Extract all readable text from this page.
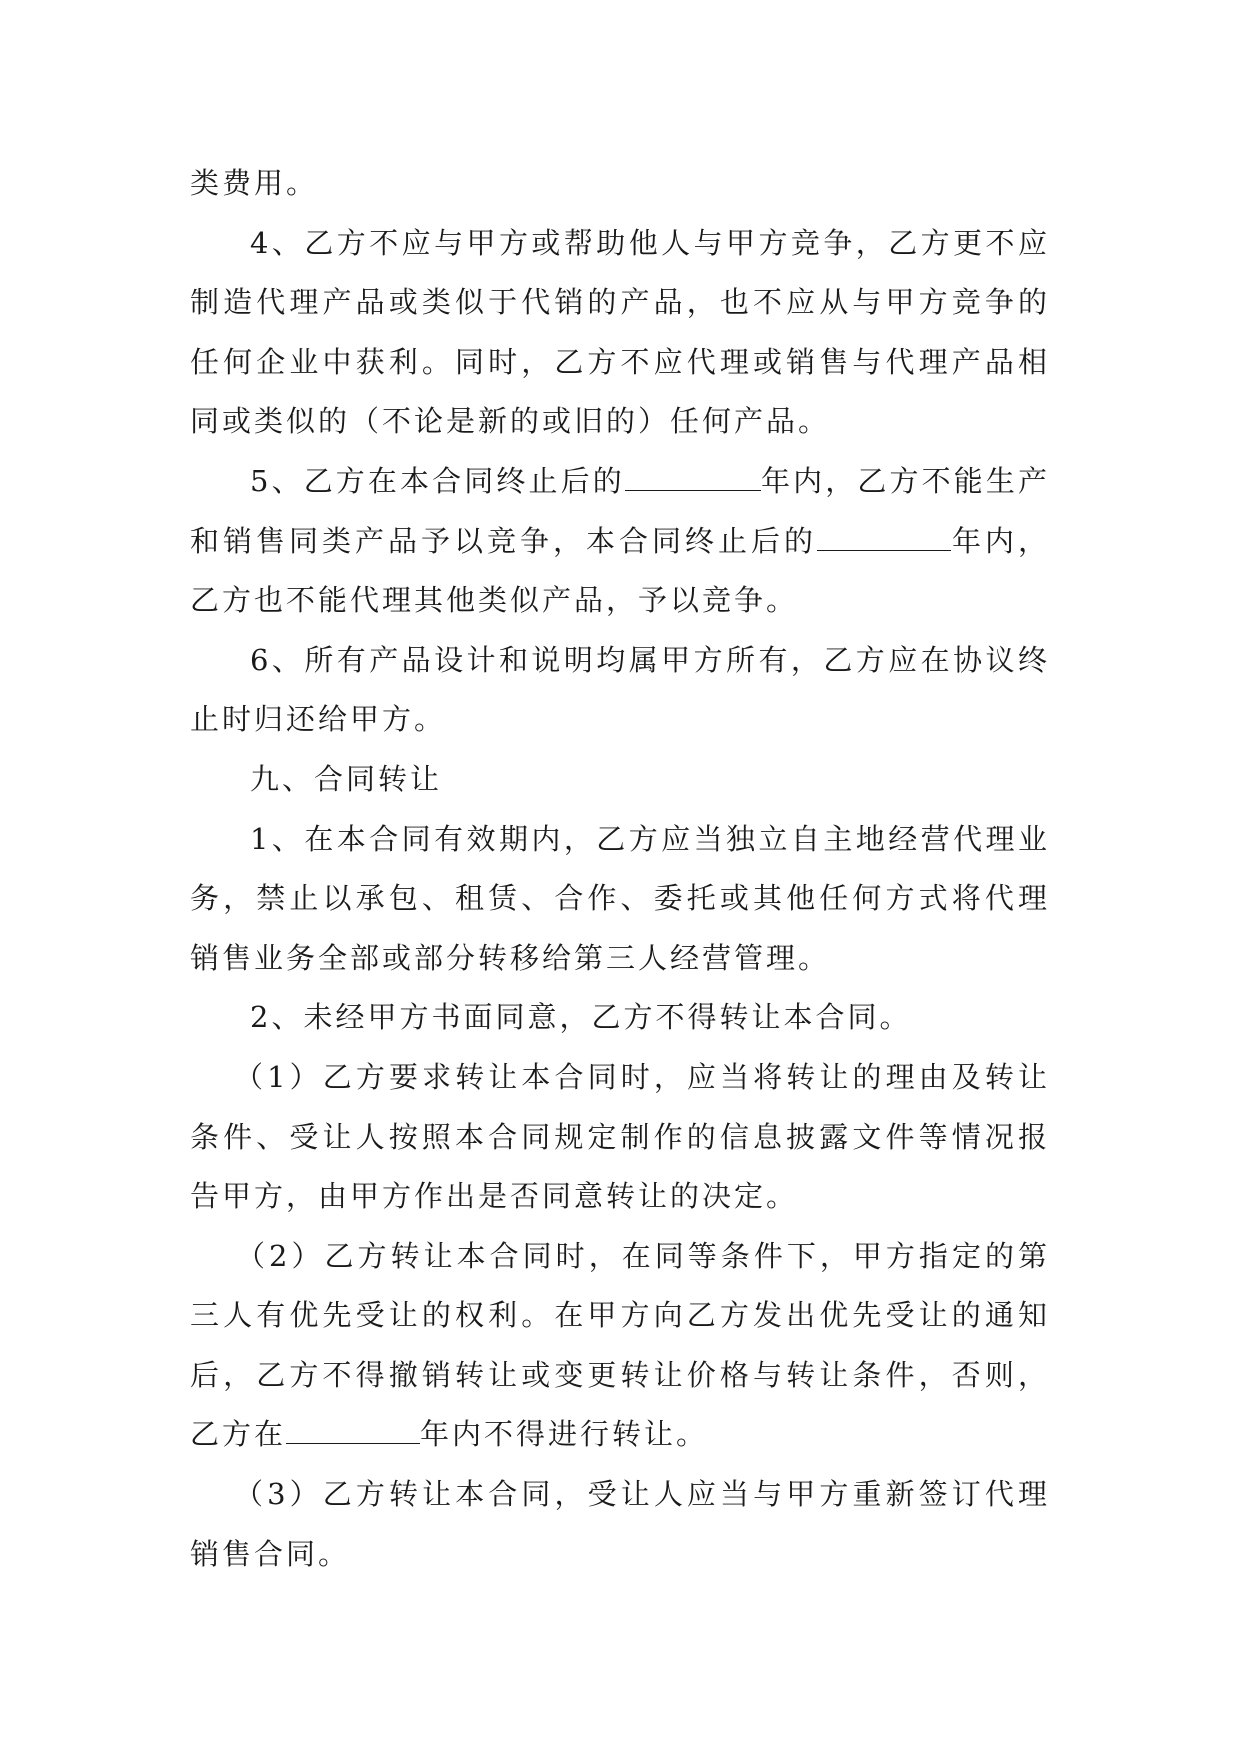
类费用。

4、乙方不应与甲方或帮助他人与甲方竞争，乙方更不应制造代理产品或类似于代销的产品，也不应从与甲方竞争的任何企业中获利。同时，乙方不应代理或销售与代理产品相同或类似的（不论是新的或旧的）任何产品。

5、乙方在本合同终止后的	年内，乙方不能生产和销售同类产品予以竞争，本合同终止后的	年内，乙方也不能代理其他类似产品，予以竞争。

6、所有产品设计和说明均属甲方所有，乙方应在协议终止时归还给甲方。

九、合同转让

1、在本合同有效期内，乙方应当独立自主地经营代理业务，禁止以承包、租赁、合作、委托或其他任何方式将代理销售业务全部或部分转移给第三人经营管理。

2、未经甲方书面同意，乙方不得转让本合同。

（1）乙方要求转让本合同时，应当将转让的理由及转让条件、受让人按照本合同规定制作的信息披露文件等情况报告甲方，由甲方作出是否同意转让的决定。

（2）乙方转让本合同时，在同等条件下，甲方指定的第三人有优先受让的权利。在甲方向乙方发出优先受让的通知后，乙方不得撤销转让或变更转让价格与转让条件，否则，乙方在	年内不得进行转让。

（3）乙方转让本合同，受让人应当与甲方重新签订代理销售合同。
